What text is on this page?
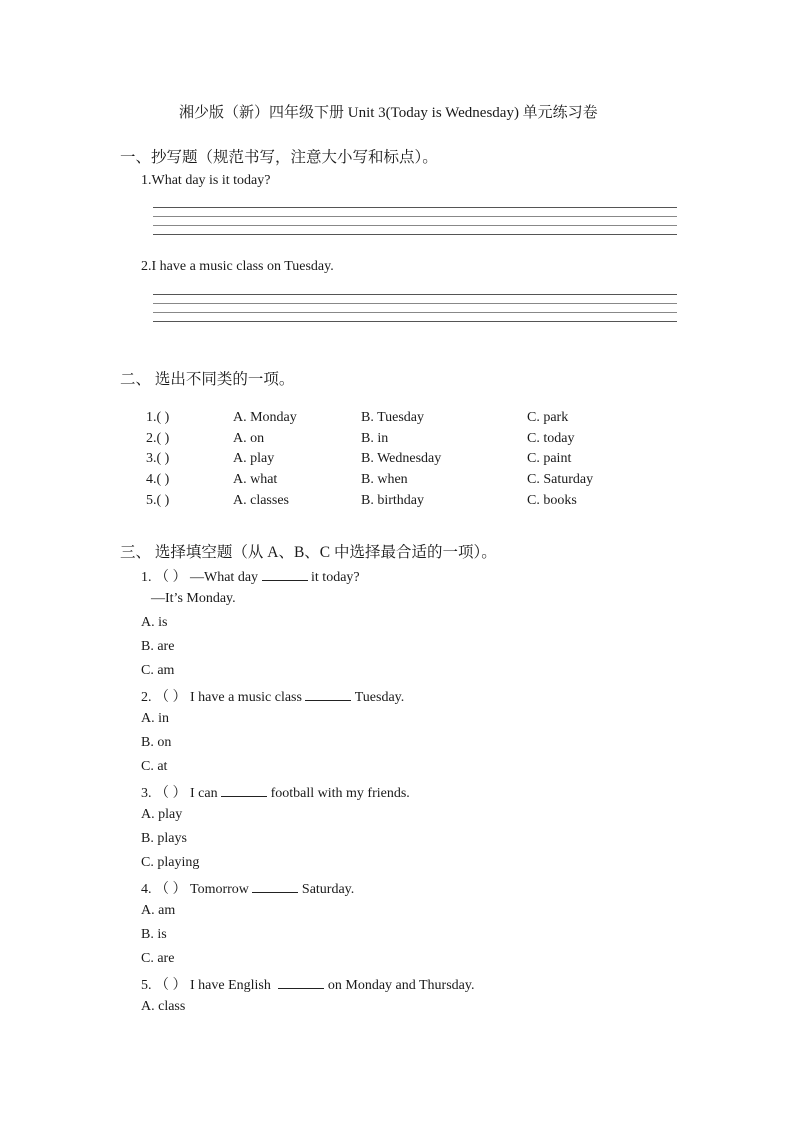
湘少版（新）四年级下册 Unit 3(Today is Wednesday) 单元练习卷
一、抄写题（规范书写，注意大小写和标点）。
1.What day is it today?
2.I have a music class on Tuesday.
二、 选出不同类的一项。
1.( )	A. Monday	B. Tuesday	C. park
2.( )	A. on	B. in	C. today
3.( )	A. play	B. Wednesday	C. paint
4.( )	A. what	B. when	C. Saturday
5.( )	A. classes	B. birthday	C. books
三、 选择填空题（从 A、B、C 中选择最合适的一项）。
1. （ ） —What day	it today?
—It’s Monday.
A. is
B. are
C. am
2. （ ） I have a music class	Tuesday.
A. in
B. on
C. at
3. （ ） I can	football with my friends.
A. play
B. plays
C. playing
4. （ ） Tomorrow	Saturday.
A. am
B. is
C. are
5. （ ） I have English	on Monday and Thursday.
A. class
